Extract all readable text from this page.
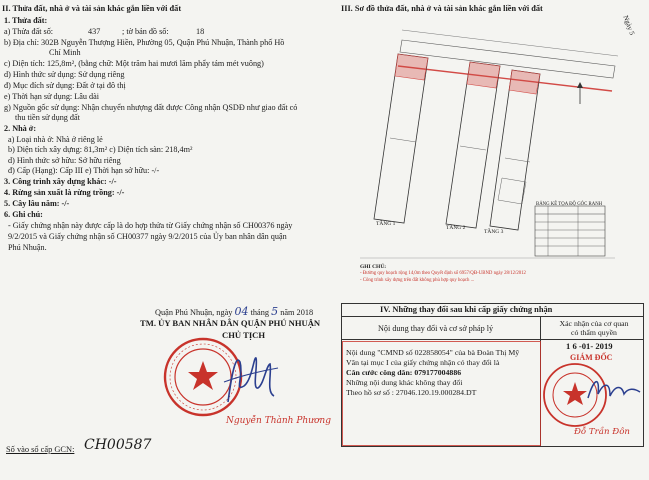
II. Thửa đất, nhà ở và tài sản khác gắn liền với đất
1. Thửa đất:
a) Thửa đất số:	437	; tờ bản đồ số:	18
b) Địa chỉ: 302B Nguyễn Thượng Hiền, Phường 05, Quận Phú Nhuận, Thành phố Hồ
Chí Minh
c) Diện tích: 125,8m², (bằng chữ: Một trăm hai mươi lăm phẩy tám mét vuông)
d) Hình thức sử dụng: Sử dụng riêng
đ) Mục đích sử dụng: Đất ở tại đô thị
e) Thời hạn sử dụng: Lâu dài
g) Nguồn gốc sử dụng: Nhận chuyển nhượng đất được Công nhận QSDĐ như giao đất có
thu tiền sử dụng đất
2. Nhà ở:
a) Loại nhà ở: Nhà ở riêng lẻ
b) Diện tích xây dựng: 81,3m² c) Diện tích sàn: 218,4m²
d) Hình thức sở hữu: Sở hữu riêng
đ) Cấp (Hạng): Cấp III e) Thời hạn sở hữu: -/-
3. Công trình xây dựng khác: -/-
4. Rừng sản xuất là rừng trồng: -/-
5. Cây lâu năm: -/-
6. Ghi chú:
- Giấy chứng nhận này được cấp là do hợp thửa từ Giấy chứng nhận số CH00376 ngày
9/2/2015 và Giấy chứng nhận số CH00377 ngày 9/2/2015 của Ủy ban nhân dân quận
Phú Nhuận.
Quận Phú Nhuận, ngày 04 tháng 5 năm 2018
TM. ỦY BAN NHÂN DÂN QUẬN PHÚ NHUẬN
CHỦ TỊCH
Nguyễn Thành Phương
Số vào sổ cấp GCN: CH00587
III. Sơ đồ thửa đất, nhà ở và tài sản khác gắn liền với đất
Ngày 5
TẦNG 1
TẦNG 2
TẦNG 3
BẢNG KÊ TỌA ĐỘ GÓC RANH
GHI CHÚ:
- Đường quy hoạch rộng 14,0m theo Quyết định số 6957/QĐ-UBND ngày 28/12/2012
- Công trình xây dựng trên đất không phù hợp quy hoạch ...
IV. Những thay đổi sau khi cấp giấy chứng nhận
Nội dung thay đổi và cơ sở pháp lý
Xác nhận của cơ quan có thẩm quyền
Nội dung "CMND số 022858054" của bà Đoàn Thị Mỹ
Vân tại mục I của giấy chứng nhận có thay đổi là
Căn cước công dân: 079177004886
Những nội dung khác không thay đổi
Theo hồ sơ số : 27046.120.19.000284.DT
1 6 -01- 2019
GIÁM ĐỐC
Đỗ Trần Đôn
